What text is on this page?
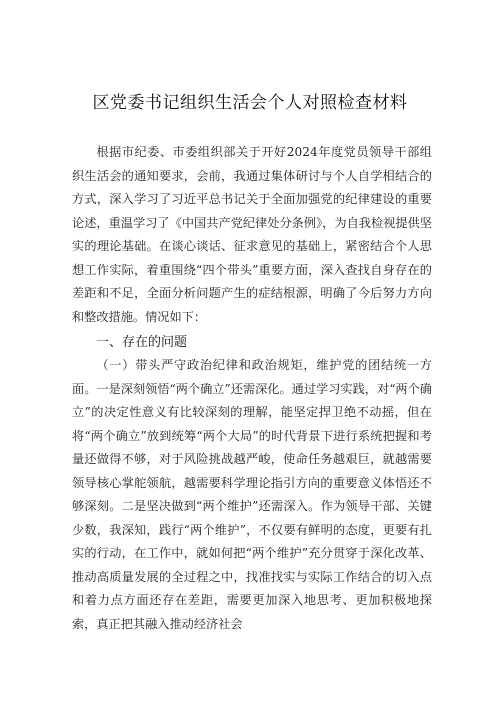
区党委书记组织生活会个人对照检查材料

根据市纪委、市委组织部关于开好2024年度党员领导干部组织生活会的通知要求，会前，我通过集体研讨与个人自学相结合的方式，深入学习了习近平总书记关于全面加强党的纪律建设的重要论述，重温学习了《中国共产党纪律处分条例》，为自我检视提供坚实的理论基础。在谈心谈话、征求意见的基础上，紧密结合个人思想工作实际，着重围绕“四个带头”重要方面，深入查找自身存在的差距和不足，全面分析问题产生的症结根源，明确了今后努力方向和整改措施。情况如下：

一、存在的问题

（一）带头严守政治纪律和政治规矩，维护党的团结统一方面。一是深刻领悟“两个确立”还需深化。通过学习实践，对“两个确立”的决定性意义有比较深刻的理解，能坚定捍卫绝不动摇，但在将“两个确立”放到统筹“两个大局”的时代背景下进行系统把握和考量还做得不够，对于风险挑战越严峻，使命任务越艰巨，就越需要领导核心掌舵领航，越需要科学理论指引方向的重要意义体悟还不够深刻。二是坚决做到“两个维护”还需深入。作为领导干部、关键少数，我深知，践行“两个维护”，不仅要有鲜明的态度，更要有扎实的行动，在工作中，就如何把“两个维护”充分贯穿于深化改革、推动高质量发展的全过程之中，找准找实与实际工作结合的切入点和着力点方面还存在差距，需要更加深入地思考、更加积极地探索，真正把其融入推动经济社会
